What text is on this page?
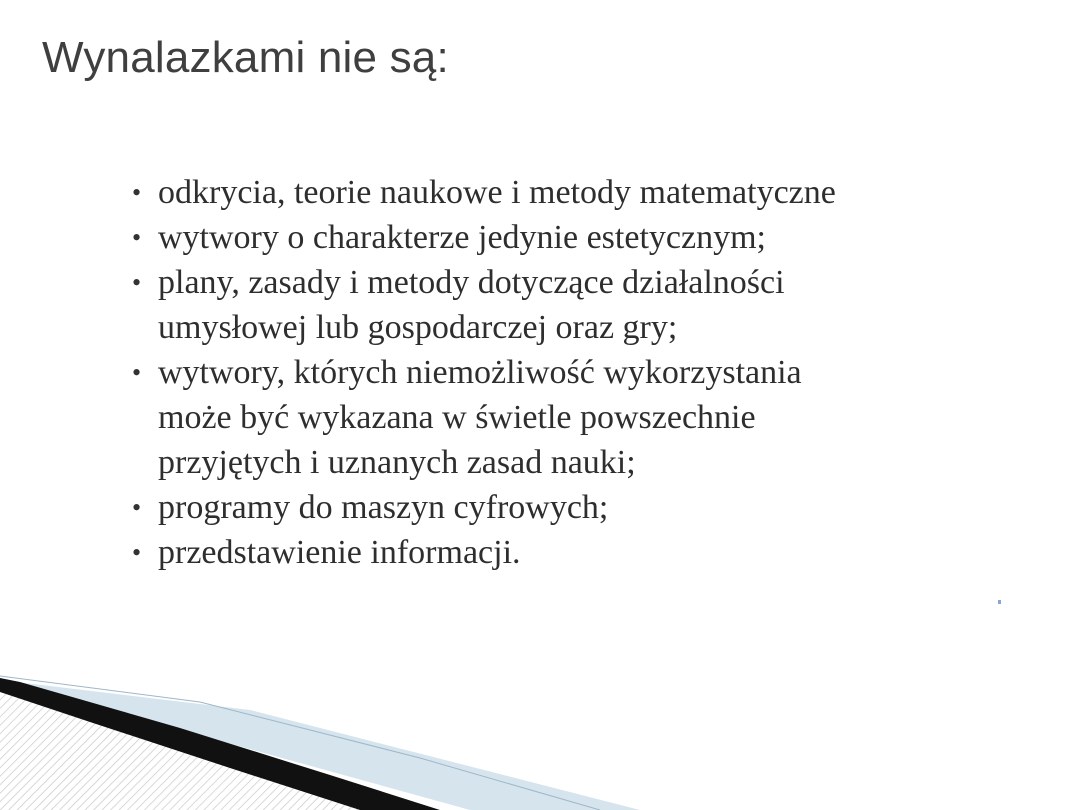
Wynalazkami nie są:
• odkrycia, teorie naukowe i metody matematyczne
• wytwory o charakterze jedynie estetycznym;
• plany, zasady i metody dotyczące działalności
umysłowej lub gospodarczej oraz gry;
• wytwory, których niemożliwość wykorzystania
może być wykazana w świetle powszechnie
przyjętych i uznanych zasad nauki;
• programy do maszyn cyfrowych;
• przedstawienie informacji.
